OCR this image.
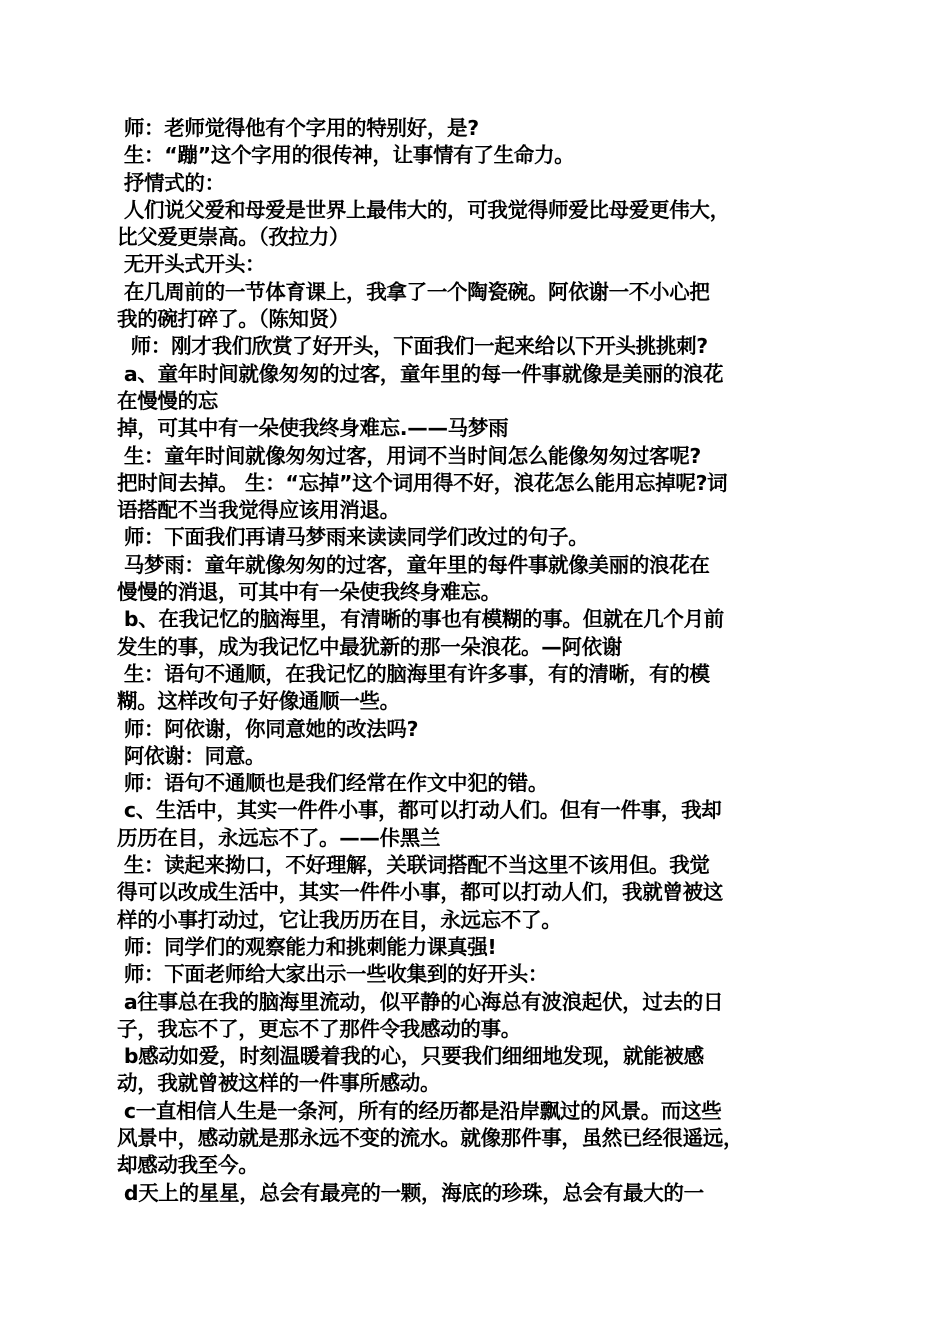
师：老师觉得他有个字用的特别好，是?
生：“蹦”这个字用的很传神，让事情有了生命力。
抒情式的：
人们说父爱和母爱是世界上最伟大的，可我觉得师爱比母爱更伟大，
比父爱更崇高。（孜拉力）
无开头式开头：
在几周前的一节体育课上，我拿了一个陶瓷碗。阿依谢一不小心把
我的碗打碎了。（陈知贤）
师：刚才我们欣赏了好开头，下面我们一起来给以下开头挑挑刺?
a、童年时间就像匆匆的过客，童年里的每一件事就像是美丽的浪花
在慢慢的忘
掉，可其中有一朵使我终身难忘.——马梦雨
生：童年时间就像匆匆过客，用词不当时间怎么能像匆匆过客呢?
把时间去掉。 生：“忘掉”这个词用得不好，浪花怎么能用忘掉呢?词
语搭配不当我觉得应该用消退。
师：下面我们再请马梦雨来读读同学们改过的句子。
马梦雨：童年就像匆匆的过客，童年里的每件事就像美丽的浪花在
慢慢的消退，可其中有一朵使我终身难忘。
b、在我记忆的脑海里，有清晰的事也有模糊的事。但就在几个月前
发生的事，成为我记忆中最犹新的那一朵浪花。—阿依谢
生：语句不通顺，在我记忆的脑海里有许多事，有的清晰，有的模
糊。这样改句子好像通顺一些。
师：阿依谢，你同意她的改法吗?
阿依谢：同意。
师：语句不通顺也是我们经常在作文中犯的错。
c、生活中，其实一件件小事，都可以打动人们。但有一件事，我却
历历在目，永远忘不了。——佧黑兰
生：读起来拗口，不好理解，关联词搭配不当这里不该用但。我觉
得可以改成生活中，其实一件件小事，都可以打动人们，我就曾被这
样的小事打动过，它让我历历在目，永远忘不了。
师：同学们的观察能力和挑刺能力课真强!
师：下面老师给大家出示一些收集到的好开头：
a往事总在我的脑海里流动，似平静的心海总有波浪起伏，过去的日
子，我忘不了，更忘不了那件令我感动的事。
b感动如爱，时刻温暖着我的心，只要我们细细地发现，就能被感
动，我就曾被这样的一件事所感动。
c一直相信人生是一条河，所有的经历都是沿岸飘过的风景。而这些
风景中，感动就是那永远不变的流水。就像那件事，虽然已经很遥远，
却感动我至今。
d天上的星星，总会有最亮的一颗，海底的珍珠，总会有最大的一
